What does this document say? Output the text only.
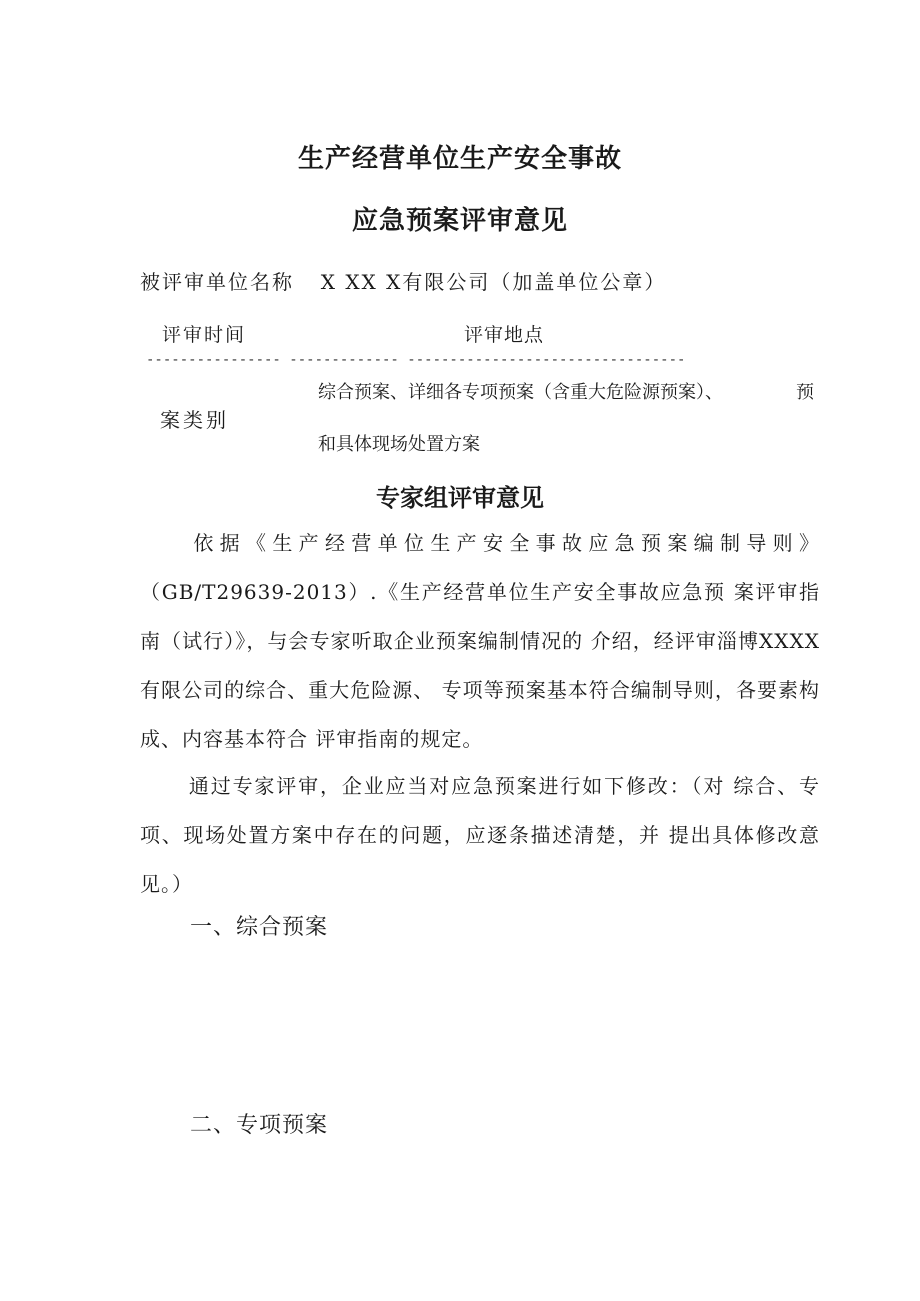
生产经营单位生产安全事故
应急预案评审意见
被评审单位名称 X XX X有限公司（加盖单位公章）
评审时间	评审地点
---------------- ------------- ---------------------------------
案类别
综合预案、详细各专项预案（含重大危险源预案）、	预
和具体现场处置方案
专家组评审意见
依据《生产经营单位生产安全事故应急预案编制导则》 （GB/T29639-2013）.《生产经营单位生产安全事故应急预 案评审指南（试行）》，与会专家听取企业预案编制情况的 介绍，经评审淄博XXXX有限公司的综合、重大危险源、 专项等预案基本符合编制导则，各要素构成、内容基本符合 评审指南的规定。
通过专家评审，企业应当对应急预案进行如下修改：（对 综合、专项、现场处置方案中存在的问题，应逐条描述清楚，并 提出具体修改意见。）
一、综合预案
二、专项预案
